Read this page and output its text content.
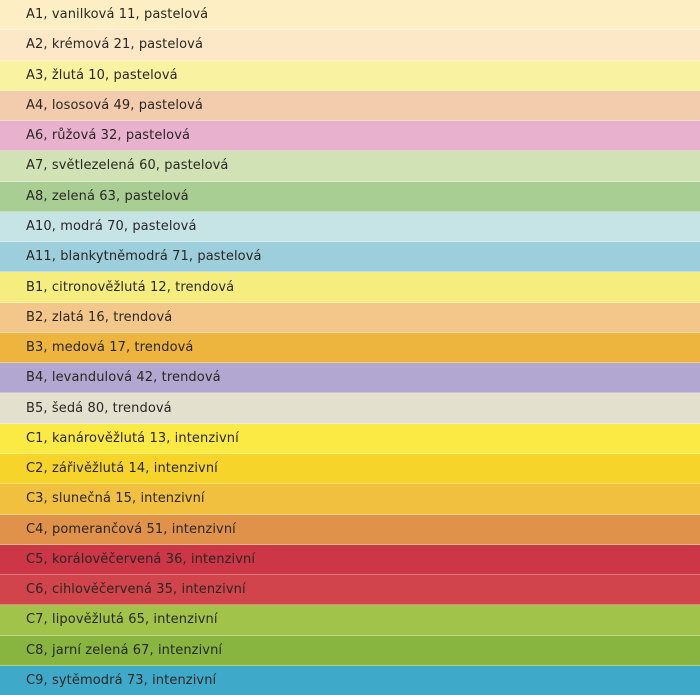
A1, vanilková 11, pastelová
A2, krémová 21, pastelová
A3, žlutá 10, pastelová
A4, lososová 49, pastelová
A6, růžová 32, pastelová
A7, světlezelená 60, pastelová
A8, zelená 63, pastelová
A10, modrá 70, pastelová
A11, blankytněmodrá 71, pastelová
B1, citronověžlutá 12, trendová
B2, zlatá 16, trendová
B3, medová 17, trendová
B4, levandulová 42, trendová
B5, šedá 80, trendová
C1, kanárověžlutá 13, intenzivní
C2, zářivěžlutá 14, intenzivní
C3, slunečná 15, intenzivní
C4, pomerančová 51, intenzivní
C5, korálověčervená 36, intenzivní
C6, cihlověčervená 35, intenzivní
C7, lipověžlutá 65, intenzivní
C8, jarní zelená 67, intenzivní
C9, sytěmodrá 73, intenzivní
